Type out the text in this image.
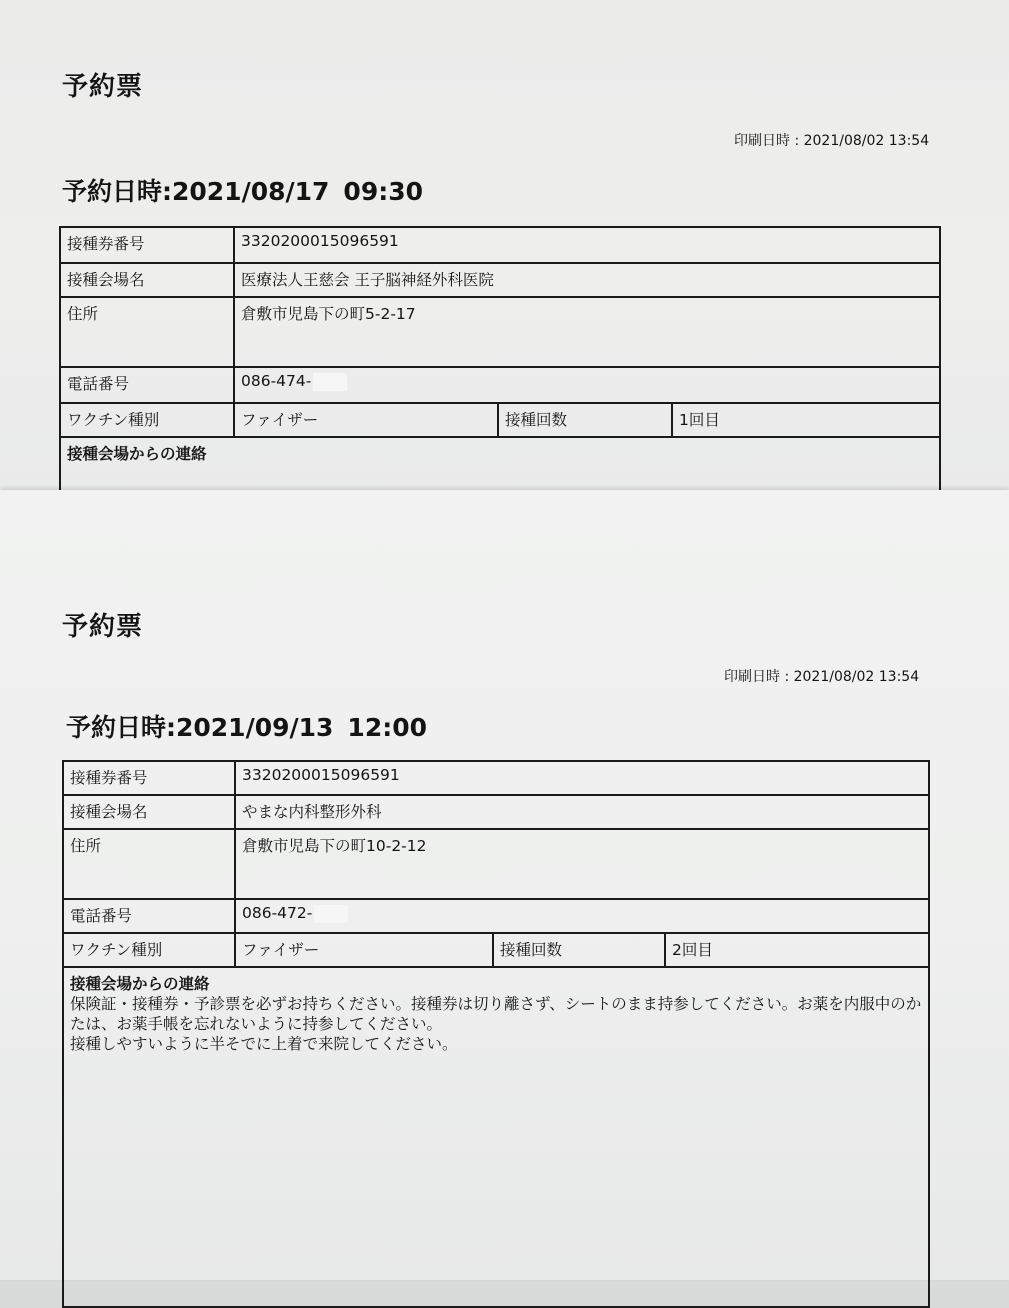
予約票
印刷日時 : 2021/08/02 13:54
予約日時:2021/08/17 09:30
接種券番号	3320200015096591		
接種会場名	医療法人王慈会 王子脳神経外科医院		
住所	倉敷市児島下の町5-2-17		
電話番号	086-474-		
ワクチン種別	ファイザー	接種回数	1回目

接種会場からの連絡			
予約票
印刷日時 : 2021/08/02 13:54
予約日時:2021/09/13 12:00
接種券番号	3320200015096591		
接種会場名	やまな内科整形外科		
住所	倉敷市児島下の町10-2-12		
電話番号	086-472-		
ワクチン種別	ファイザー	接種回数	2回目

接種会場からの連絡
保険証・接種券・予診票を必ずお持ちください。接種券は切り離さず、シートのまま持参してください。お薬を内服中のかたは、お薬手帳を忘れないように持参してください。
接種しやすいように半そでに上着で来院してください。			
